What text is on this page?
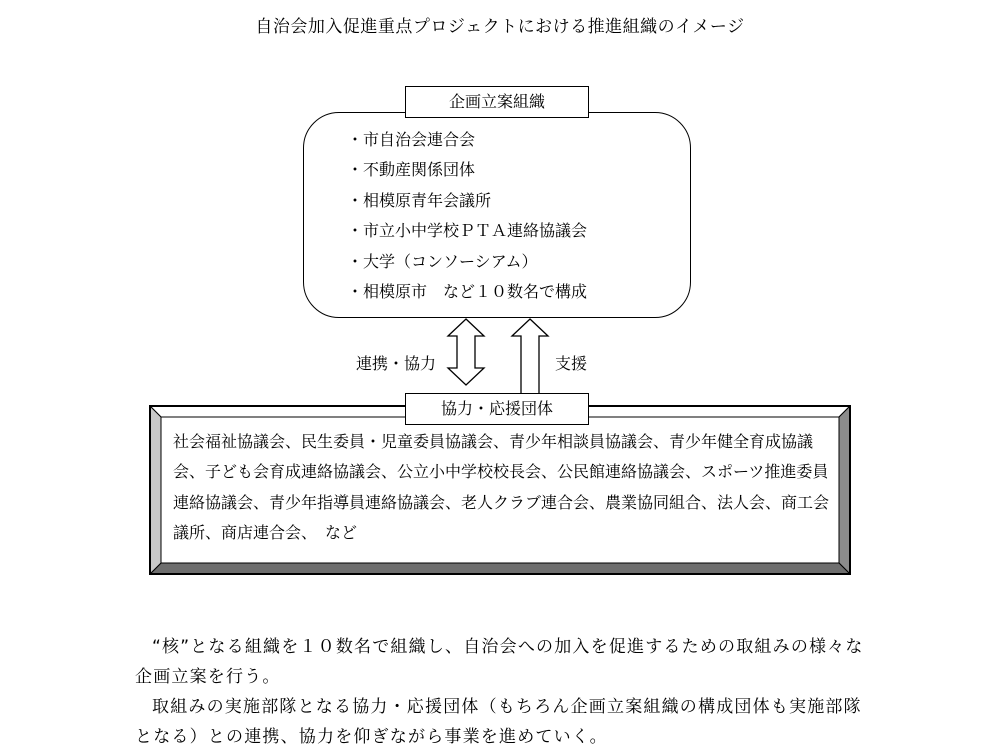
自治会加入促進重点プロジェクトにおける推進組織のイメージ
・市自治会連合会
・不動産関係団体
・相模原青年会議所
・市立小中学校ＰＴＡ連絡協議会
・大学（コンソーシアム）
・相模原市　など１０数名で構成
企画立案組織
連携・協力	支援
協力・応援団体

社会福祉協議会、民生委員・児童委員協議会、青少年相談員協議会、青少年健全育成協議会、子ども会育成連絡協議会、公立小中学校校長会、公民館連絡協議会、スポーツ推進委員連絡協議会、青少年指導員連絡協議会、老人クラブ連合会、農業協同組合、法人会、商工会議所、商店連合会、　など

“核”となる組織を１０数名で組織し、自治会への加入を促進するための取組みの様々な企画立案を行う。

取組みの実施部隊となる協力・応援団体（もちろん企画立案組織の構成団体も実施部隊となる）との連携、協力を仰ぎながら事業を進めていく。
